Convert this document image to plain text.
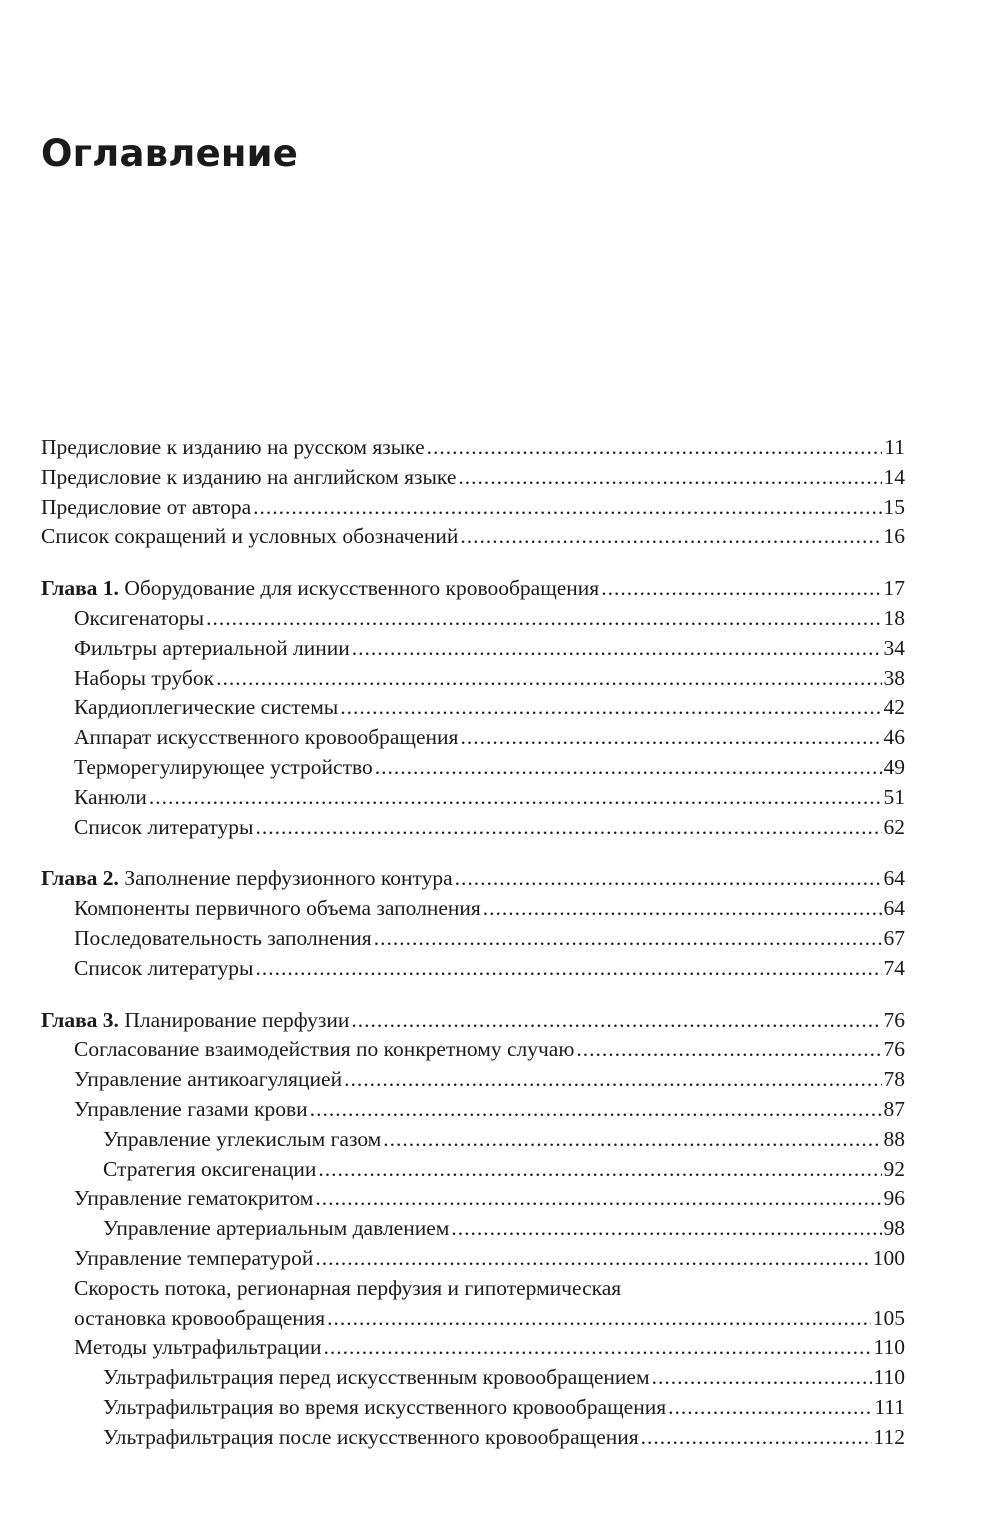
Оглавление
Предисловие к изданию на русском языке .....	11
Предисловие к изданию на английском языке .....	14
Предисловие от автора .....	15
Список сокращений и условных обозначений .....	16
Глава 1. Оборудование для искусственного кровообращения .....	17
Оксигенаторы .....	18
Фильтры артериальной линии .....	34
Наборы трубок .....	38
Кардиоплегические системы .....	42
Аппарат искусственного кровообращения .....	46
Терморегулирующее устройство .....	49
Канюли .....	51
Список литературы .....	62
Глава 2. Заполнение перфузионного контура .....	64
Компоненты первичного объема заполнения .....	64
Последовательность заполнения .....	67
Список литературы .....	74
Глава 3. Планирование перфузии .....	76
Согласование взаимодействия по конкретному случаю .....	76
Управление антикоагуляцией .....	78
Управление газами крови .....	87
Управление углекислым газом .....	88
Стратегия оксигенации .....	92
Управление гематокритом .....	96
Управление артериальным давлением .....	98
Управление температурой .....	100
Скорость потока, регионарная перфузия и гипотермическая
остановка кровообращения .....	105
Методы ультрафильтрации .....	110
Ультрафильтрация перед искусственным кровообращением .....	110
Ультрафильтрация во время искусственного кровообращения .....	111
Ультрафильтрация после искусственного кровообращения .....	112
